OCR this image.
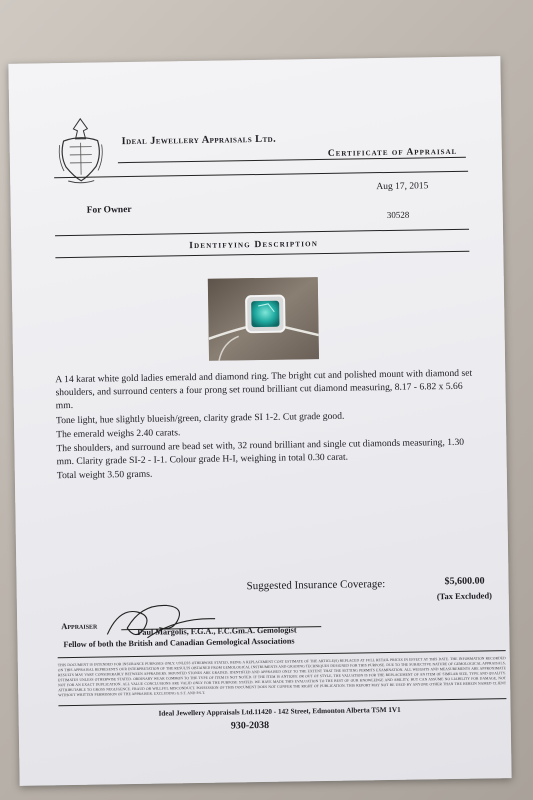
Ideal Jewellery Appraisals Ltd.
Certificate of Appraisal
Aug 17, 2015
For Owner	30528
Identifying Description

A 14 karat white gold ladies emerald and diamond ring. The bright cut and polished mount with diamond set shoulders, and surround centers a four prong set round brilliant cut diamond measuring, 8.17 - 6.82 x 5.66 mm.

Tone light, hue slightly blueish/green, clarity grade SI 1-2. Cut grade good.

The emerald weighs 2.40 carats.

The shoulders, and surround are bead set with, 32 round brilliant and single cut diamonds measuring, 1.30 mm. Clarity grade SI-2 - I-1. Colour grade H-I, weighing in total 0.30 carat.

Total weight 3.50 grams.

Suggested Insurance Coverage:	$5,600.00
(Tax Excluded)
Appraiser	Paul Margolis, F.G.A., F.C.Gm.A. Gemologist
Fellow of both the British and Canadian Gemological Associations
THIS DOCUMENT IS INTENDED FOR INSURANCE PURPOSES ONLY. UNLESS OTHERWISE STATED, BEING A REPLACEMENT COST ESTIMATE OF THE ARTICLE(S) REPLACED AT FULL RETAIL PRICES IN EFFECT AT THIS DATE. THE INFORMATION RECORDED ON THIS APPRAISAL REPRESENTS OUR INTERPRETATION OF THE RESULTS OBTAINED FROM GEMOLOGICAL INSTRUMENTS AND GRADING TECHNIQUES DESIGNED FOR THIS PURPOSE. DUE TO THE SUBJECTIVE NATURE OF GEMOLOGICAL APPRAISALS, RESULTS MAY VARY CONSIDERABLY BETWEEN APPRAISERS. MOUNTED STONES ARE GRADED, IDENTIFIED AND APPRAISED ONLY TO THE EXTENT THAT THE SETTING PERMITS EXAMINATION. ALL WEIGHTS AND MEASUREMENTS ARE APPROXIMATE ESTIMATES UNLESS OTHERWISE STATED. ORDINARY WEAR COMMON TO THE TYPE OF ITEM IS NOT NOTED. IF THE ITEM IS ANTIQUE OR OUT OF STYLE, THE VALUATION IS FOR THE REPLACEMENT OF AN ITEM OF SIMILAR SIZE, TYPE AND QUALITY. NOT FOR AN EXACT DUPLICATION. ALL VALUE CONCLUSIONS ARE VALID ONLY FOR THE PURPOSE STATED. WE HAVE MADE THIS EVALUATION TO THE BEST OF OUR KNOWLEDGE AND ABILITY, BUT CAN ASSUME NO LIABILITY FOR DAMAGE, NOT ATTRIBUTABLE TO GROSS NEGLIGENCE. FRAUD OR WILLFUL MISCONDUCT. POSSESSION OF THIS DOCUMENT DOES NOT CONFER THE RIGHT OF PUBLICATION. THIS REPORT MAY NOT BE USED BY ANYONE OTHER THAN THE HEREIN NAMED CLIENT WITHOUT WRITTEN PERMISSION OF THE APPRAISER. EXCLUDING G.S.T. AND P.S.T.
Ideal Jewellery Appraisals Ltd.11420 - 142 Street, Edmonton Alberta T5M 1V1
930-2038
